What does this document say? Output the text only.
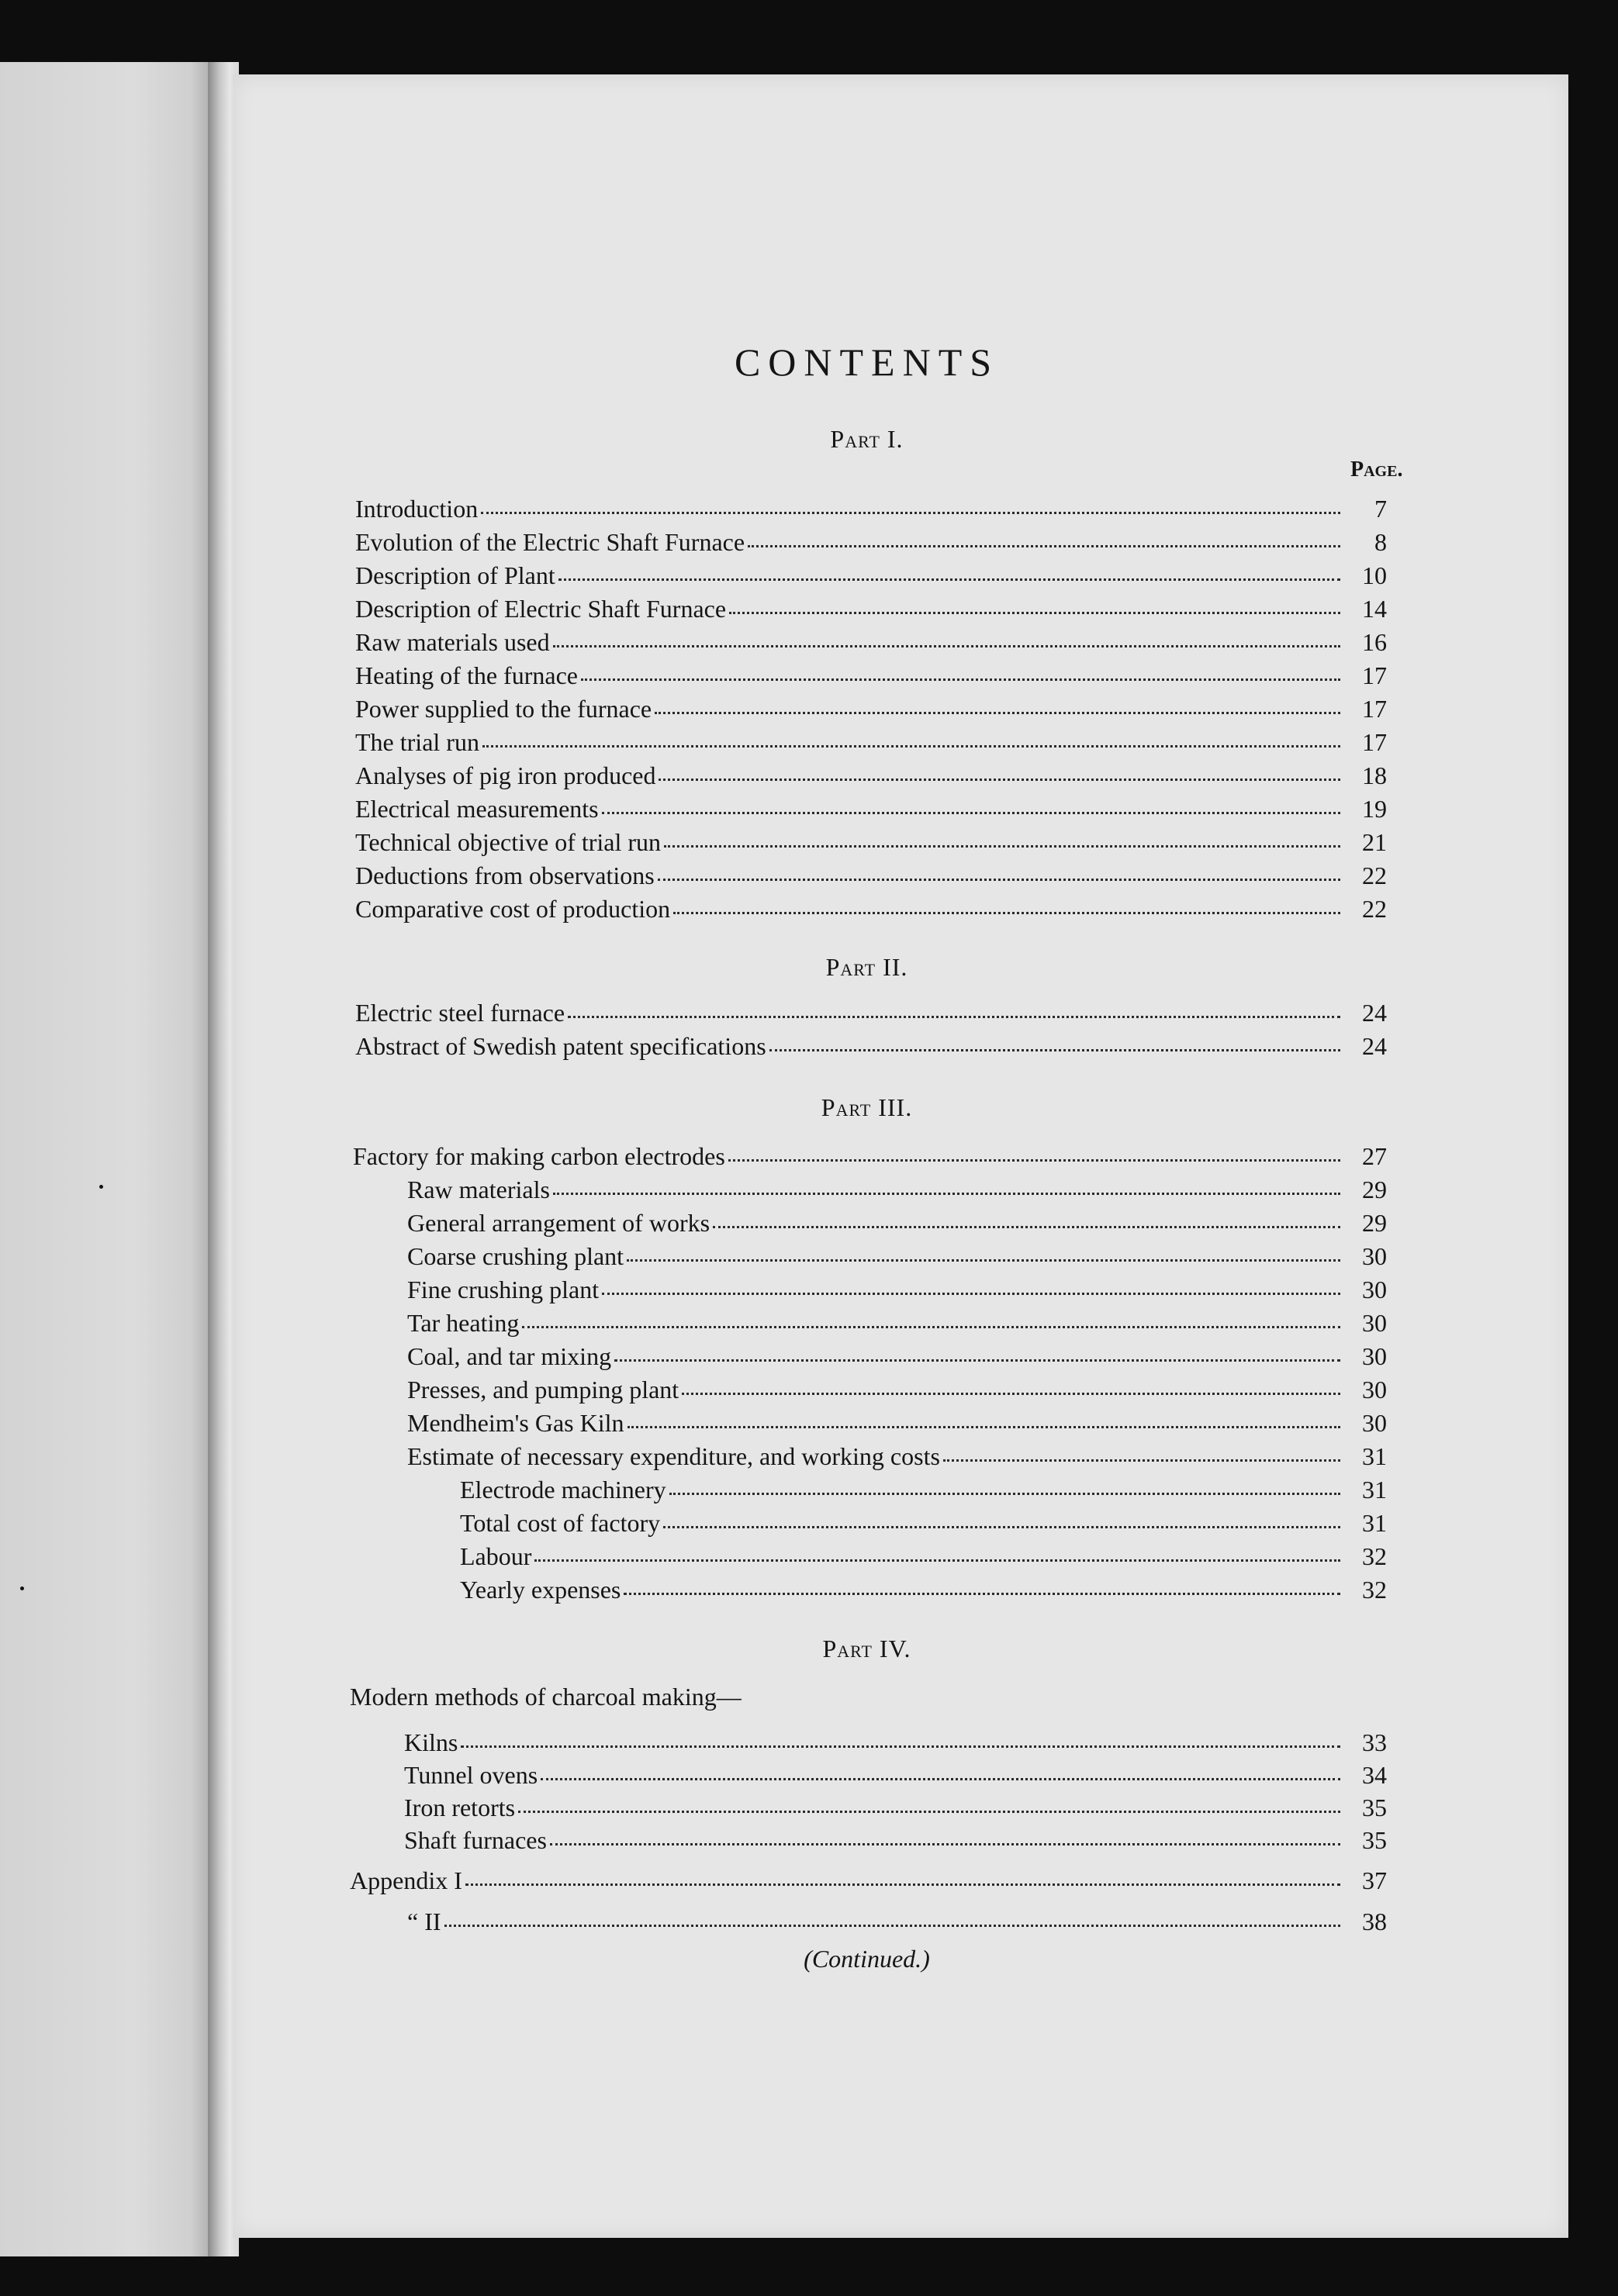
CONTENTS
Part I.
Page.
Introduction	7
Evolution of the Electric Shaft Furnace	8
Description of Plant	10
Description of Electric Shaft Furnace	14
Raw materials used	16
Heating of the furnace	17
Power supplied to the furnace	17
The trial run	17
Analyses of pig iron produced	18
Electrical measurements	19
Technical objective of trial run	21
Deductions from observations	22
Comparative cost of production	22
Part II.
Electric steel furnace	24
Abstract of Swedish patent specifications	24
Part III.
Factory for making carbon electrodes	27
Raw materials	29
General arrangement of works	29
Coarse crushing plant	30
Fine crushing plant	30
Tar heating	30
Coal, and tar mixing	30
Presses, and pumping plant	30
Mendheim's Gas Kiln	30
Estimate of necessary expenditure, and working costs	31
Electrode machinery	31
Total cost of factory	31
Labour	32
Yearly expenses	32
Part IV.
Modern methods of charcoal making—
Kilns	33
Tunnel ovens	34
Iron retorts	35
Shaft furnaces	35
Appendix I	37
“ II	38
(Continued.)
